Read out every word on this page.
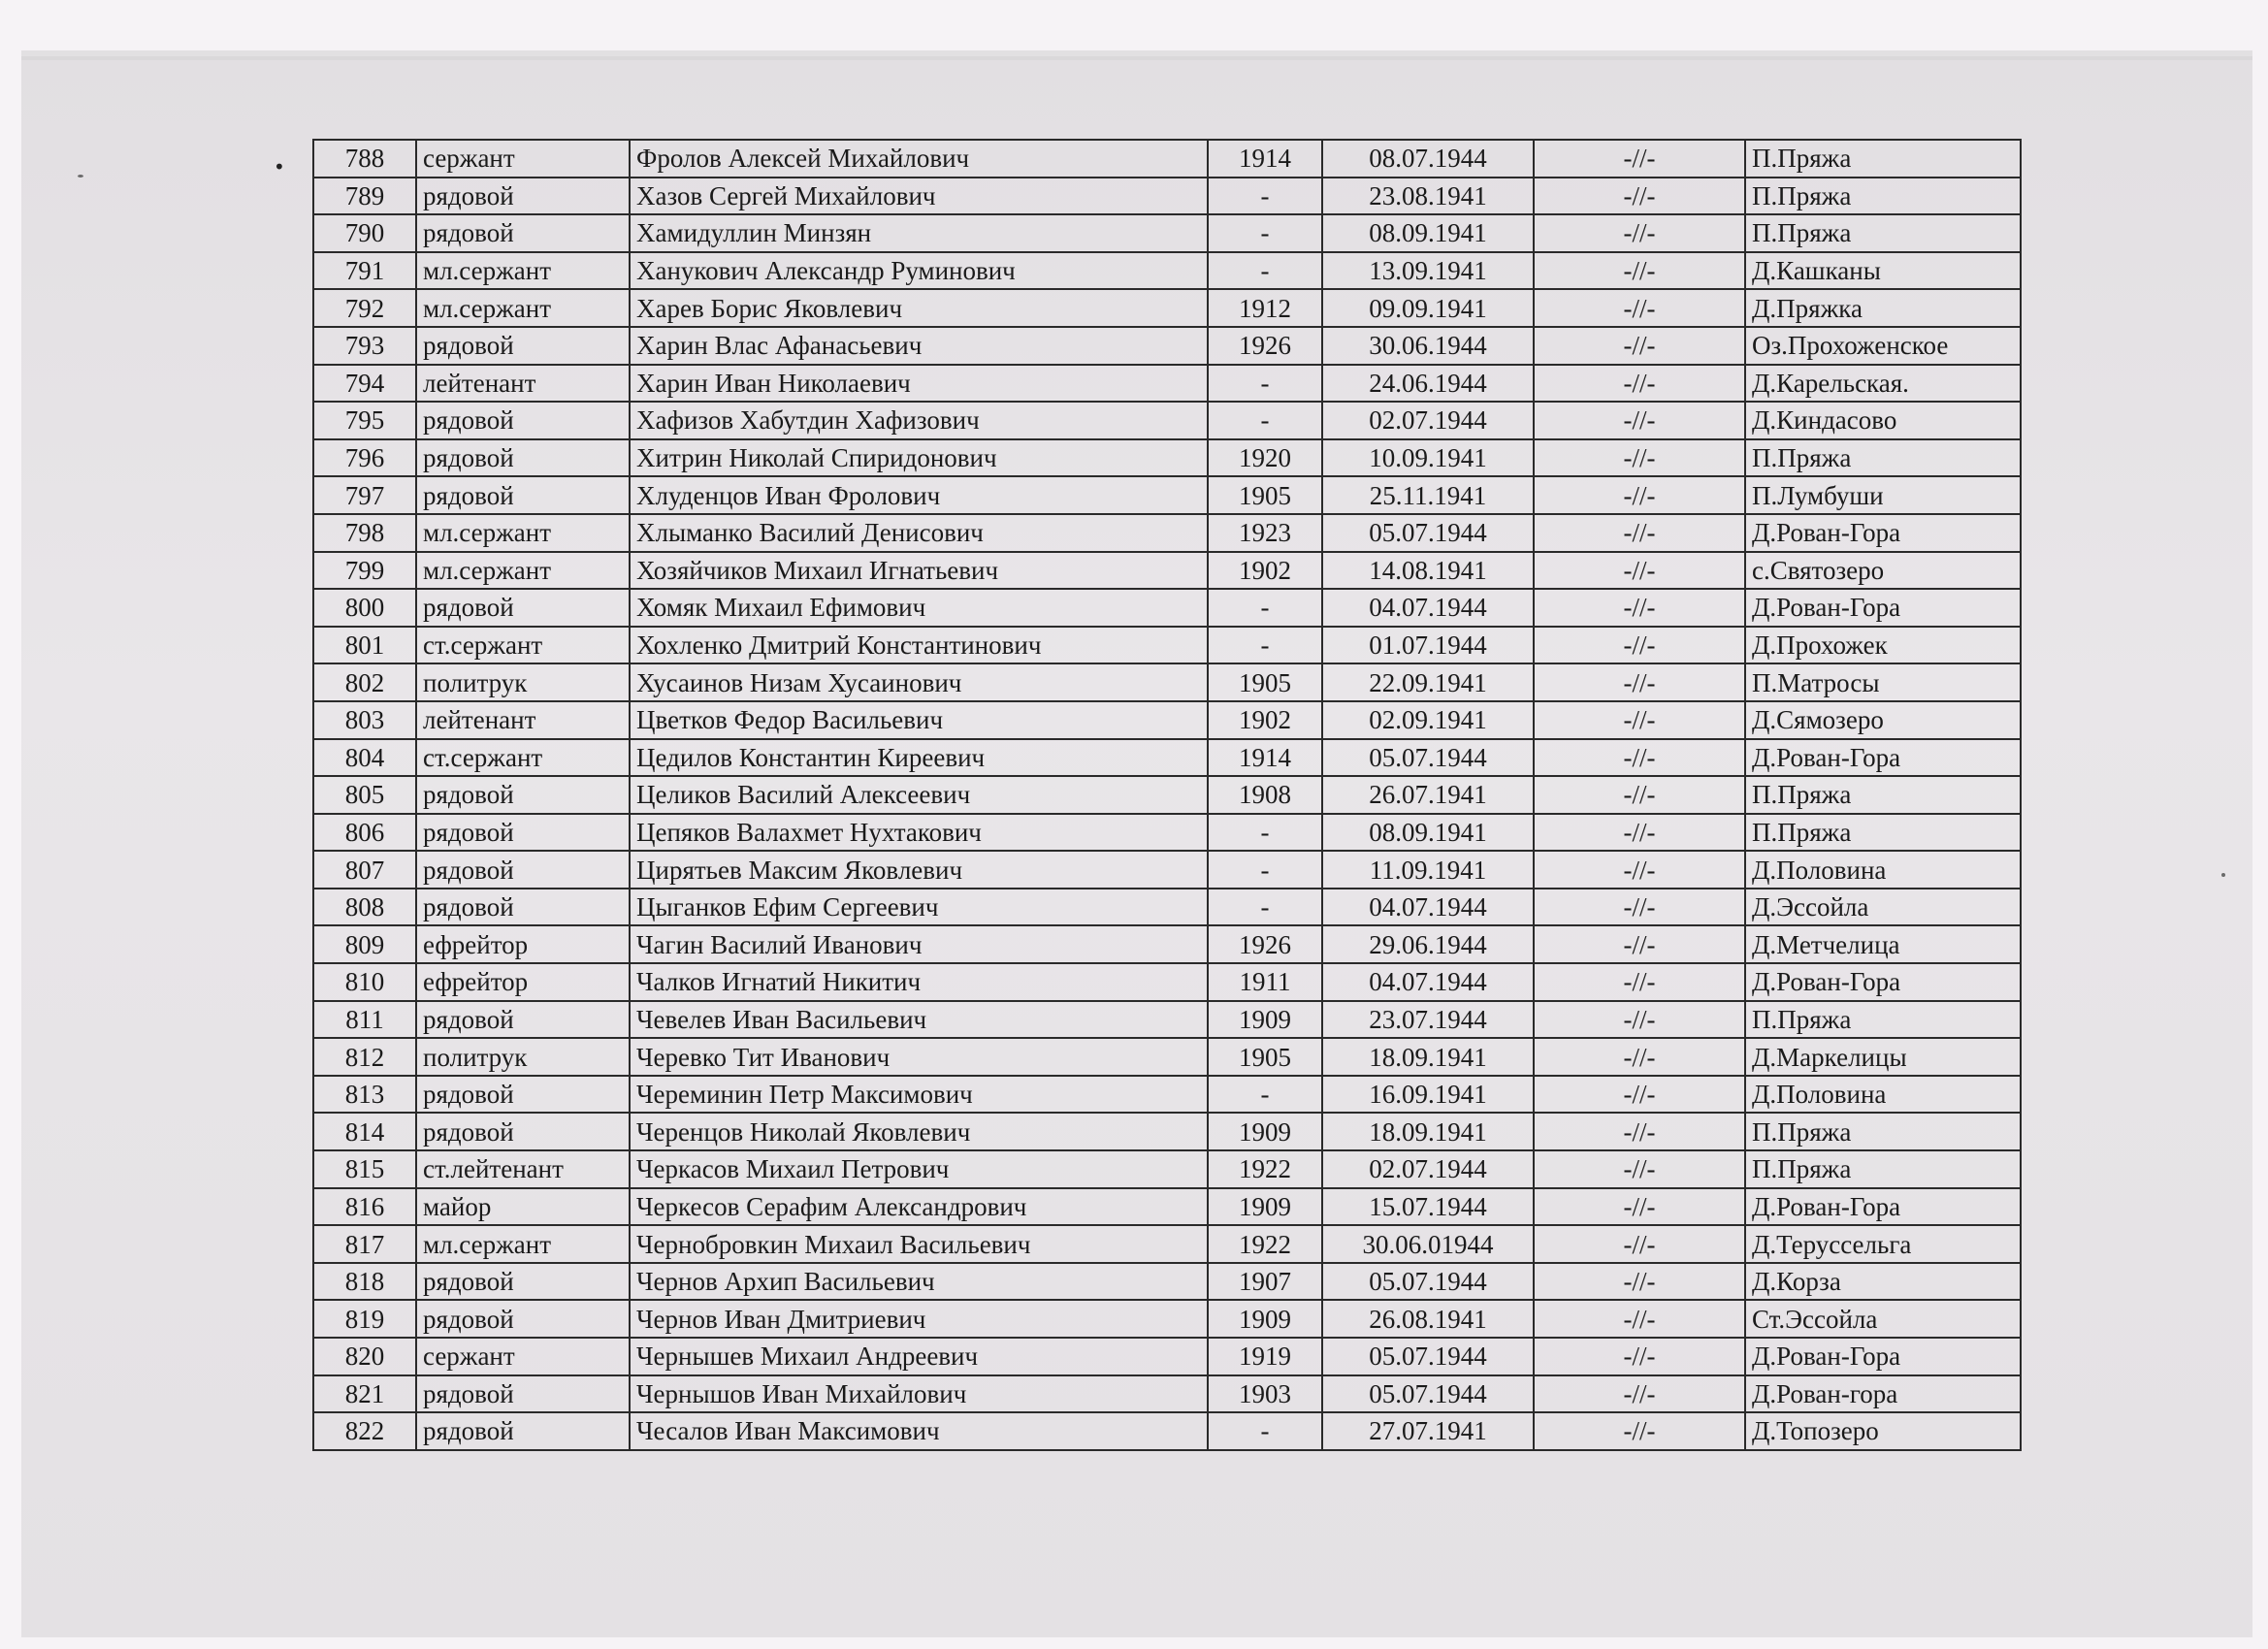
• 788	сержант	Фролов Алексей Михайлович	1914	08.07.1944	-//-	П.Пряжа
789	рядовой	Хазов Сергей Михайлович	-	23.08.1941	-//-	П.Пряжа
790	рядовой	Хамидуллин Минзян	-	08.09.1941	-//-	П.Пряжа
791	мл.сержант	Ханукович Александр Руминович	-	13.09.1941	-//-	Д.Кашканы
792	мл.сержант	Харев Борис Яковлевич	1912	09.09.1941	-//-	Д.Пряжка
793	рядовой	Харин Влас Афанасьевич	1926	30.06.1944	-//-	Оз.Прохоженское
794	лейтенант	Харин Иван Николаевич	-	24.06.1944	-//-	Д.Карельская.
795	рядовой	Хафизов Хабутдин Хафизович	-	02.07.1944	-//-	Д.Киндасово
796	рядовой	Хитрин Николай Спиридонович	1920	10.09.1941	-//-	П.Пряжа
797	рядовой	Хлуденцов Иван Фролович	1905	25.11.1941	-//-	П.Лумбуши
798	мл.сержант	Хлыманко Василий Денисович	1923	05.07.1944	-//-	Д.Рован-Гора
799	мл.сержант	Хозяйчиков Михаил Игнатьевич	1902	14.08.1941	-//-	с.Святозеро
800	рядовой	Хомяк Михаил Ефимович	-	04.07.1944	-//-	Д.Рован-Гора
801	ст.сержант	Хохленко Дмитрий Константинович	-	01.07.1944	-//-	Д.Прохожек
802	политрук	Хусаинов Низам Хусаинович	1905	22.09.1941	-//-	П.Матросы
803	лейтенант	Цветков Федор Васильевич	1902	02.09.1941	-//-	Д.Сямозеро
804	ст.сержант	Цедилов Константин Киреевич	1914	05.07.1944	-//-	Д.Рован-Гора
805	рядовой	Целиков Василий Алексеевич	1908	26.07.1941	-//-	П.Пряжа
806	рядовой	Цепяков Валахмет Нухтакович	-	08.09.1941	-//-	П.Пряжа
807	рядовой	Цирятьев Максим Яковлевич	-	11.09.1941	-//-	Д.Половина
808	рядовой	Цыганков Ефим Сергеевич	-	04.07.1944	-//-	Д.Эссойла
809	ефрейтор	Чагин Василий Иванович	1926	29.06.1944	-//-	Д.Метчелица
810	ефрейтор	Чалков Игнатий Никитич	1911	04.07.1944	-//-	Д.Рован-Гора
811	рядовой	Чевелев Иван Васильевич	1909	23.07.1944	-//-	П.Пряжа
812	политрук	Черевко Тит Иванович	1905	18.09.1941	-//-	Д.Маркелицы
813	рядовой	Череминин Петр Максимович	-	16.09.1941	-//-	Д.Половина
814	рядовой	Черенцов Николай Яковлевич	1909	18.09.1941	-//-	П.Пряжа
815	ст.лейтенант	Черкасов Михаил Петрович	1922	02.07.1944	-//-	П.Пряжа
816	майор	Черкесов Серафим Александрович	1909	15.07.1944	-//-	Д.Рован-Гора
817	мл.сержант	Чернобровкин Михаил Васильевич	1922	30.06.01944	-//-	Д.Теруссельга
818	рядовой	Чернов Архип Васильевич	1907	05.07.1944	-//-	Д.Корза
819	рядовой	Чернов Иван Дмитриевич	1909	26.08.1941	-//-	Ст.Эссойла
820	сержант	Чернышев Михаил Андреевич	1919	05.07.1944	-//-	Д.Рован-Гора
821	рядовой	Чернышов Иван Михайлович	1903	05.07.1944	-//-	Д.Рован-гора
822	рядовой	Чесалов Иван Максимович	-	27.07.1941	-//-	Д.Топозеро
